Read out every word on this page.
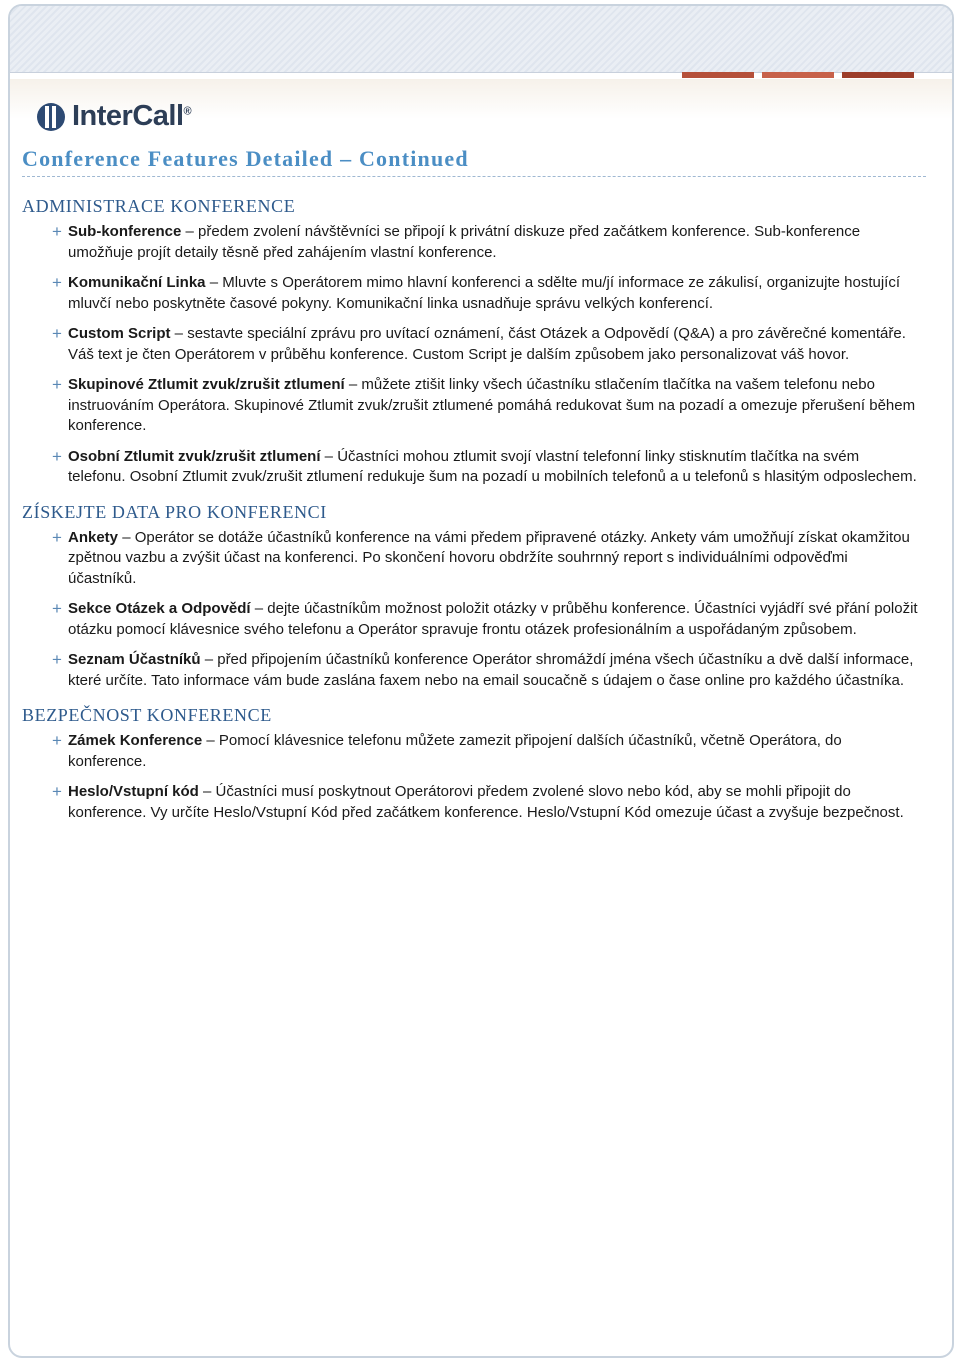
InterCall®
Conference Features Detailed – Continued
ADMINISTRACE KONFERENCE
+ Sub-konference – předem zvolení návštěvníci se připojí k privátní diskuze před začátkem konference. Sub-konference umožňuje projít detaily těsně před zahájením vlastní konference.
+ Komunikační Linka – Mluvte s Operátorem mimo hlavní konferenci a sdělte mu/jí informace ze zákulisí, organizujte hostující mluvčí nebo poskytněte časové pokyny. Komunikační linka usnadňuje správu velkých konferencí.
+ Custom Script – sestavte speciální zprávu pro uvítací oznámení, část Otázek a Odpovědí (Q&A) a pro závěrečné komentáře. Váš text je čten Operátorem v průběhu konference. Custom Script je dalším způsobem jako personalizovat váš hovor.
+ Skupinové Ztlumit zvuk/zrušit ztlumení – můžete ztišit linky všech účastníku stlačením tlačítka na vašem telefonu nebo instruováním Operátora. Skupinové Ztlumit zvuk/zrušit ztlumené pomáhá redukovat šum na pozadí a omezuje přerušení během konference.
+ Osobní Ztlumit zvuk/zrušit ztlumení – Účastníci mohou ztlumit svojí vlastní telefonní linky stisknutím tlačítka na svém telefonu. Osobní Ztlumit zvuk/zrušit ztlumení redukuje šum na pozadí u mobilních telefonů a u telefonů s hlasitým odposlechem.
ZÍSKEJTE DATA PRO KONFERENCI
+ Ankety – Operátor se dotáže účastníků konference na vámi předem připravené otázky. Ankety vám umožňují získat okamžitou zpětnou vazbu a zvýšit účast na konferenci. Po skončení hovoru obdržíte souhrnný report s individuálními odpověďmi účastníků.
+ Sekce Otázek a Odpovědí – dejte účastníkům možnost položit otázky v průběhu konference. Účastníci vyjádří své přání položit otázku pomocí klávesnice svého telefonu a Operátor spravuje frontu otázek profesionálním a uspořádaným způsobem.
+ Seznam Účastníků – před připojením účastníků konference Operátor shromáždí jména všech účastníku a dvě další informace, které určíte. Tato informace vám bude zaslána faxem nebo na email soucačně s údajem o čase online pro každého účastníka.
BEZPEČNOST KONFERENCE
+ Zámek Konference – Pomocí klávesnice telefonu můžete zamezit připojení dalších účastníků, včetně Operátora, do konference.
+ Heslo/Vstupní kód – Účastníci musí poskytnout Operátorovi předem zvolené slovo nebo kód, aby se mohli připojit do konference. Vy určíte Heslo/Vstupní Kód před začátkem konference. Heslo/Vstupní Kód omezuje účast a zvyšuje bezpečnost.
